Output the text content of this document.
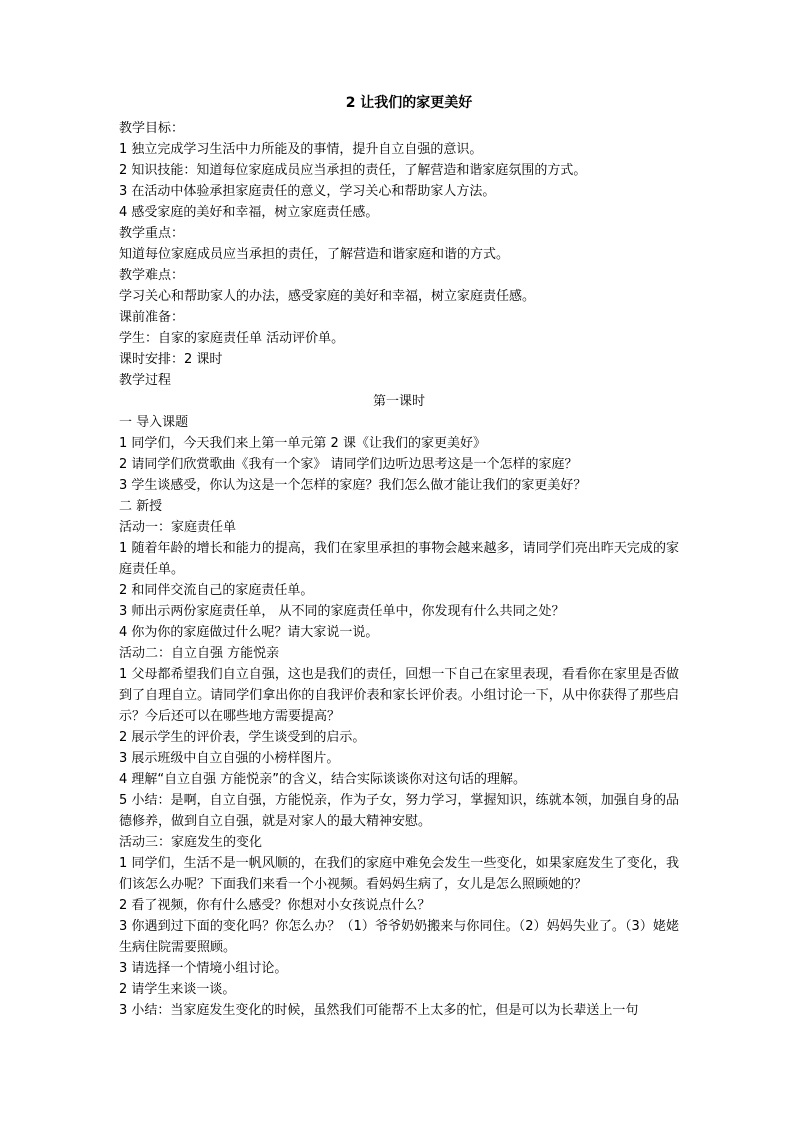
2 让我们的家更美好
教学目标：
1 独立完成学习生活中力所能及的事情，提升自立自强的意识。
2 知识技能：知道每位家庭成员应当承担的责任，了解营造和谐家庭氛围的方式。
3 在活动中体验承担家庭责任的意义，学习关心和帮助家人方法。
4 感受家庭的美好和幸福，树立家庭责任感。
教学重点：
知道每位家庭成员应当承担的责任，了解营造和谐家庭和谐的方式。
教学难点：
学习关心和帮助家人的办法，感受家庭的美好和幸福，树立家庭责任感。
课前准备：
学生：自家的家庭责任单 活动评价单。
课时安排：2 课时
教学过程
第一课时
一 导入课题
1 同学们，今天我们来上第一单元第 2 课《让我们的家更美好》
2 请同学们欣赏歌曲《我有一个家》 请同学们边听边思考这是一个怎样的家庭？
3 学生谈感受，你认为这是一个怎样的家庭？我们怎么做才能让我们的家更美好？
二 新授
活动一：家庭责任单
1 随着年龄的增长和能力的提高，我们在家里承担的事物会越来越多，请同学们亮出昨天完成的家庭责任单。
2 和同伴交流自己的家庭责任单。
3 师出示两份家庭责任单， 从不同的家庭责任单中，你发现有什么共同之处？
4 你为你的家庭做过什么呢？请大家说一说。
活动二：自立自强 方能悦亲
1 父母都希望我们自立自强，这也是我们的责任，回想一下自己在家里表现，看看你在家里是否做到了自理自立。请同学们拿出你的自我评价表和家长评价表。小组讨论一下，从中你获得了那些启示？今后还可以在哪些地方需要提高？
2 展示学生的评价表，学生谈受到的启示。
3 展示班级中自立自强的小榜样图片。
4 理解“自立自强 方能悦亲”的含义，结合实际谈谈你对这句话的理解。
5 小结：是啊，自立自强，方能悦亲，作为子女，努力学习，掌握知识，练就本领，加强自身的品德修养，做到自立自强，就是对家人的最大精神安慰。
活动三：家庭发生的变化
1 同学们，生活不是一帆风顺的，在我们的家庭中难免会发生一些变化，如果家庭发生了变化，我们该怎么办呢？下面我们来看一个小视频。看妈妈生病了，女儿是怎么照顾她的？
2 看了视频，你有什么感受？你想对小女孩说点什么？
3 你遇到过下面的变化吗？你怎么办？（1）爷爷奶奶搬来与你同住。（2）妈妈失业了。（3）姥姥生病住院需要照顾。
3 请选择一个情境小组讨论。
2 请学生来谈一谈。
3 小结：当家庭发生变化的时候，虽然我们可能帮不上太多的忙，但是可以为长辈送上一句
